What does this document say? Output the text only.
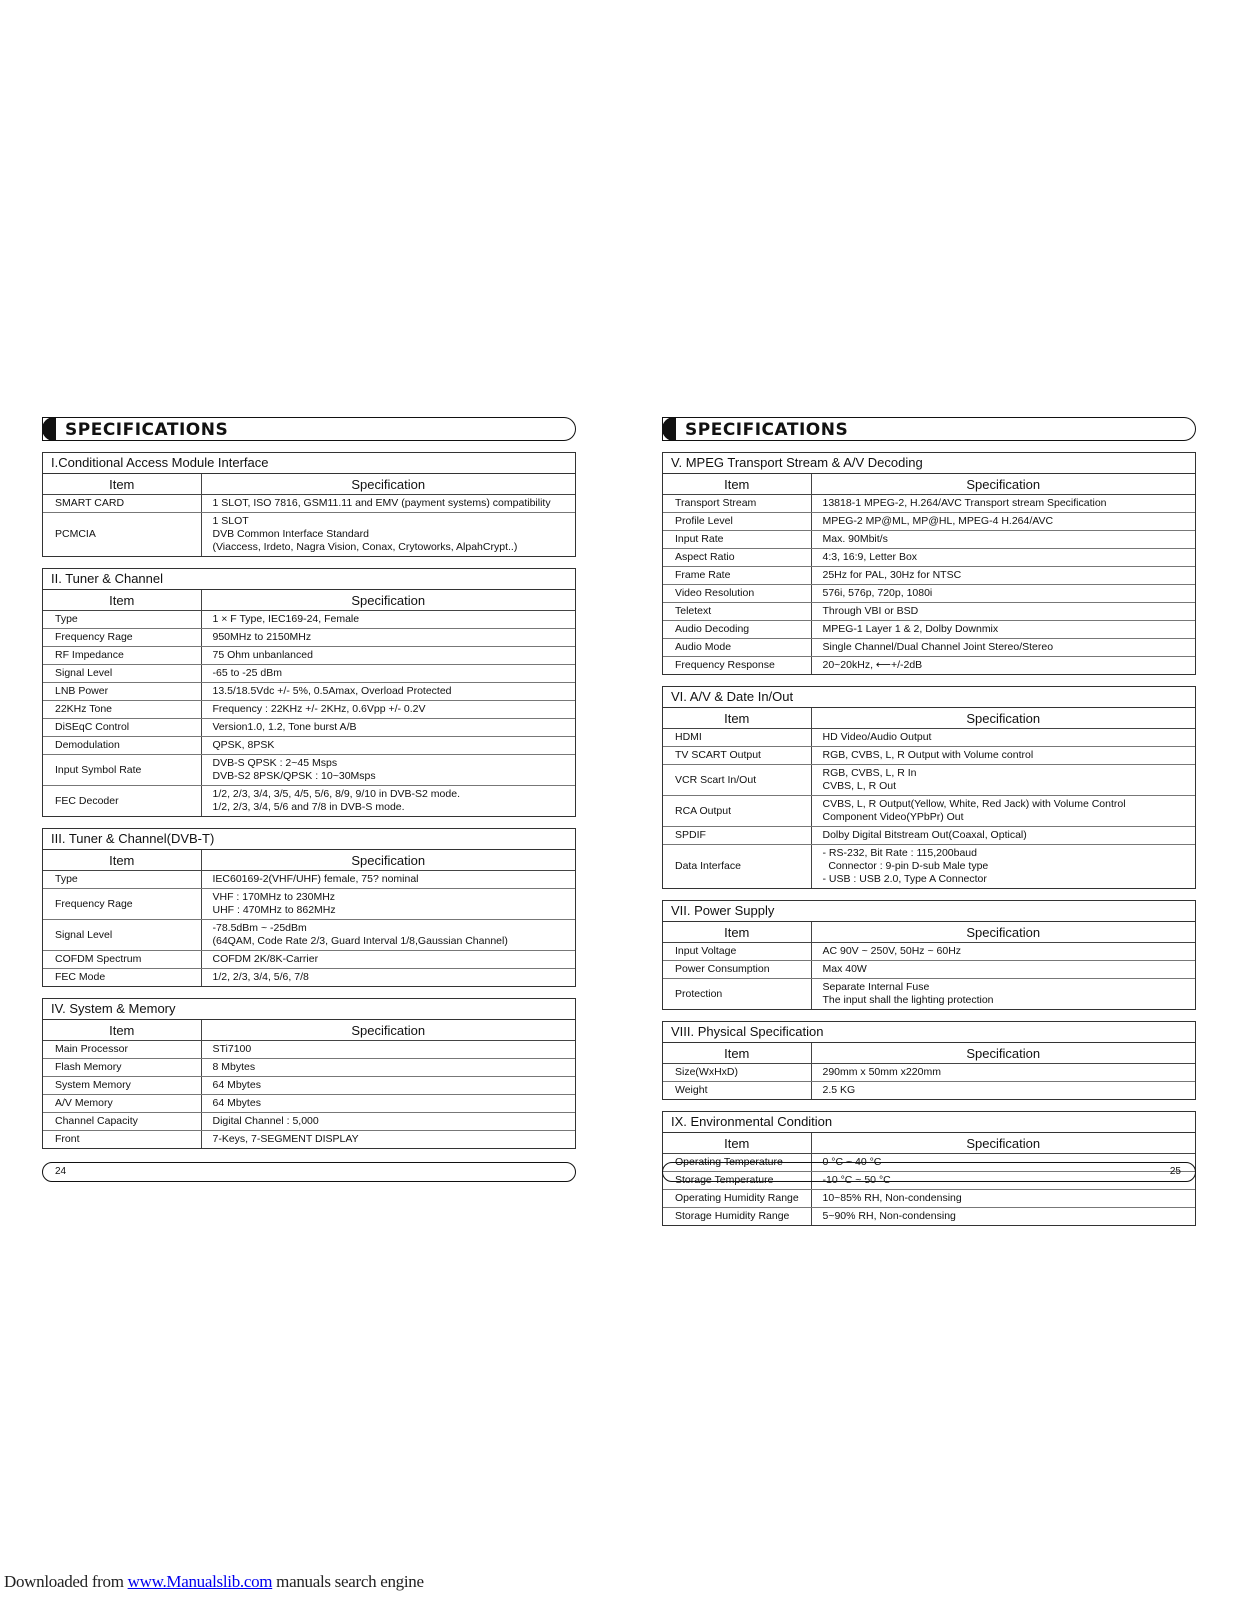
SPECIFICATIONS
I.Conditional Access Module Interface
Item	Specification
SMART CARD	1 SLOT, ISO 7816, GSM11.11 and EMV (payment systems) compatibility

PCMCIA	1 SLOT
DVB Common Interface Standard
(Viaccess, Irdeto, Nagra Vision, Conax, Crytoworks, AlpahCrypt..)
II. Tuner & Channel
Item	Specification
Type	1 × F Type, IEC169-24, Female

Frequency Rage	950MHz to 2150MHz

RF Impedance	75 Ohm unbanlanced

Signal Level	-65 to -25 dBm

LNB Power	13.5/18.5Vdc +/- 5%, 0.5Amax, Overload Protected

22KHz Tone	Frequency : 22KHz +/- 2KHz, 0.6Vpp +/- 0.2V

DiSEqC Control	Version1.0, 1.2, Tone burst A/B

Demodulation	QPSK, 8PSK

Input Symbol Rate	DVB-S QPSK : 2~45 Msps
DVB-S2 8PSK/QPSK : 10~30Msps

FEC Decoder	1/2, 2/3, 3/4, 3/5, 4/5, 5/6, 8/9, 9/10 in DVB-S2 mode.
1/2, 2/3, 3/4, 5/6 and 7/8 in DVB-S mode.
III. Tuner & Channel(DVB-T)
Item	Specification
Type	IEC60169-2(VHF/UHF) female, 75? nominal

Frequency Rage	VHF : 170MHz to 230MHz
UHF : 470MHz to 862MHz

Signal Level	-78.5dBm ~ -25dBm
(64QAM, Code Rate 2/3, Guard Interval 1/8,Gaussian Channel)

COFDM Spectrum	COFDM 2K/8K-Carrier

FEC Mode	1/2, 2/3, 3/4, 5/6, 7/8
IV. System & Memory
Item	Specification
Main Processor	STi7100

Flash Memory	8 Mbytes

System Memory	64 Mbytes

A/V Memory	64 Mbytes

Channel Capacity	Digital Channel : 5,000

Front	7-Keys, 7-SEGMENT DISPLAY
SPECIFICATIONS
V. MPEG Transport Stream & A/V Decoding
Item	Specification
Transport Stream	13818-1 MPEG-2, H.264/AVC Transport stream Specification

Profile Level	MPEG-2 MP@ML, MP@HL, MPEG-4 H.264/AVC

Input Rate	Max. 90Mbit/s

Aspect Ratio	4:3, 16:9, Letter Box

Frame Rate	25Hz for PAL, 30Hz for NTSC

Video Resolution	576i, 576p, 720p, 1080i

Teletext	Through VBI or BSD

Audio Decoding	MPEG-1 Layer 1 & 2, Dolby Downmix

Audio Mode	Single Channel/Dual Channel Joint Stereo/Stereo

Frequency Response	20~20kHz, ⟵+/-2dB
VI. A/V & Date In/Out
Item	Specification
HDMI	HD Video/Audio Output

TV SCART Output	RGB, CVBS, L, R Output with Volume control

VCR Scart In/Out	RGB, CVBS, L, R In
CVBS, L, R Out

RCA Output	CVBS, L, R Output(Yellow, White, Red Jack) with Volume Control
Component Video(YPbPr) Out

SPDIF	Dolby Digital Bitstream Out(Coaxal, Optical)

Data Interface	- RS-232, Bit Rate : 115,200baud
Connector : 9-pin D-sub Male type
- USB : USB 2.0, Type A Connector
VII. Power Supply
Item	Specification
Input Voltage	AC 90V ~ 250V, 50Hz ~ 60Hz

Power Consumption	Max 40W

Protection	Separate Internal Fuse
The input shall the lighting protection
VIII. Physical Specification
Item	Specification
Size(WxHxD)	290mm x 50mm x220mm

Weight	2.5 KG
IX. Environmental Condition
Item	Specification
Operating Temperature	0 °C ~ 40 °C

Storage Temperature	-10 °C ~ 50 °C

Operating Humidity Range	10~85% RH, Non-condensing

Storage Humidity Range	5~90% RH, Non-condensing
24	25
Downloaded from www.Manualslib.com manuals search engine
